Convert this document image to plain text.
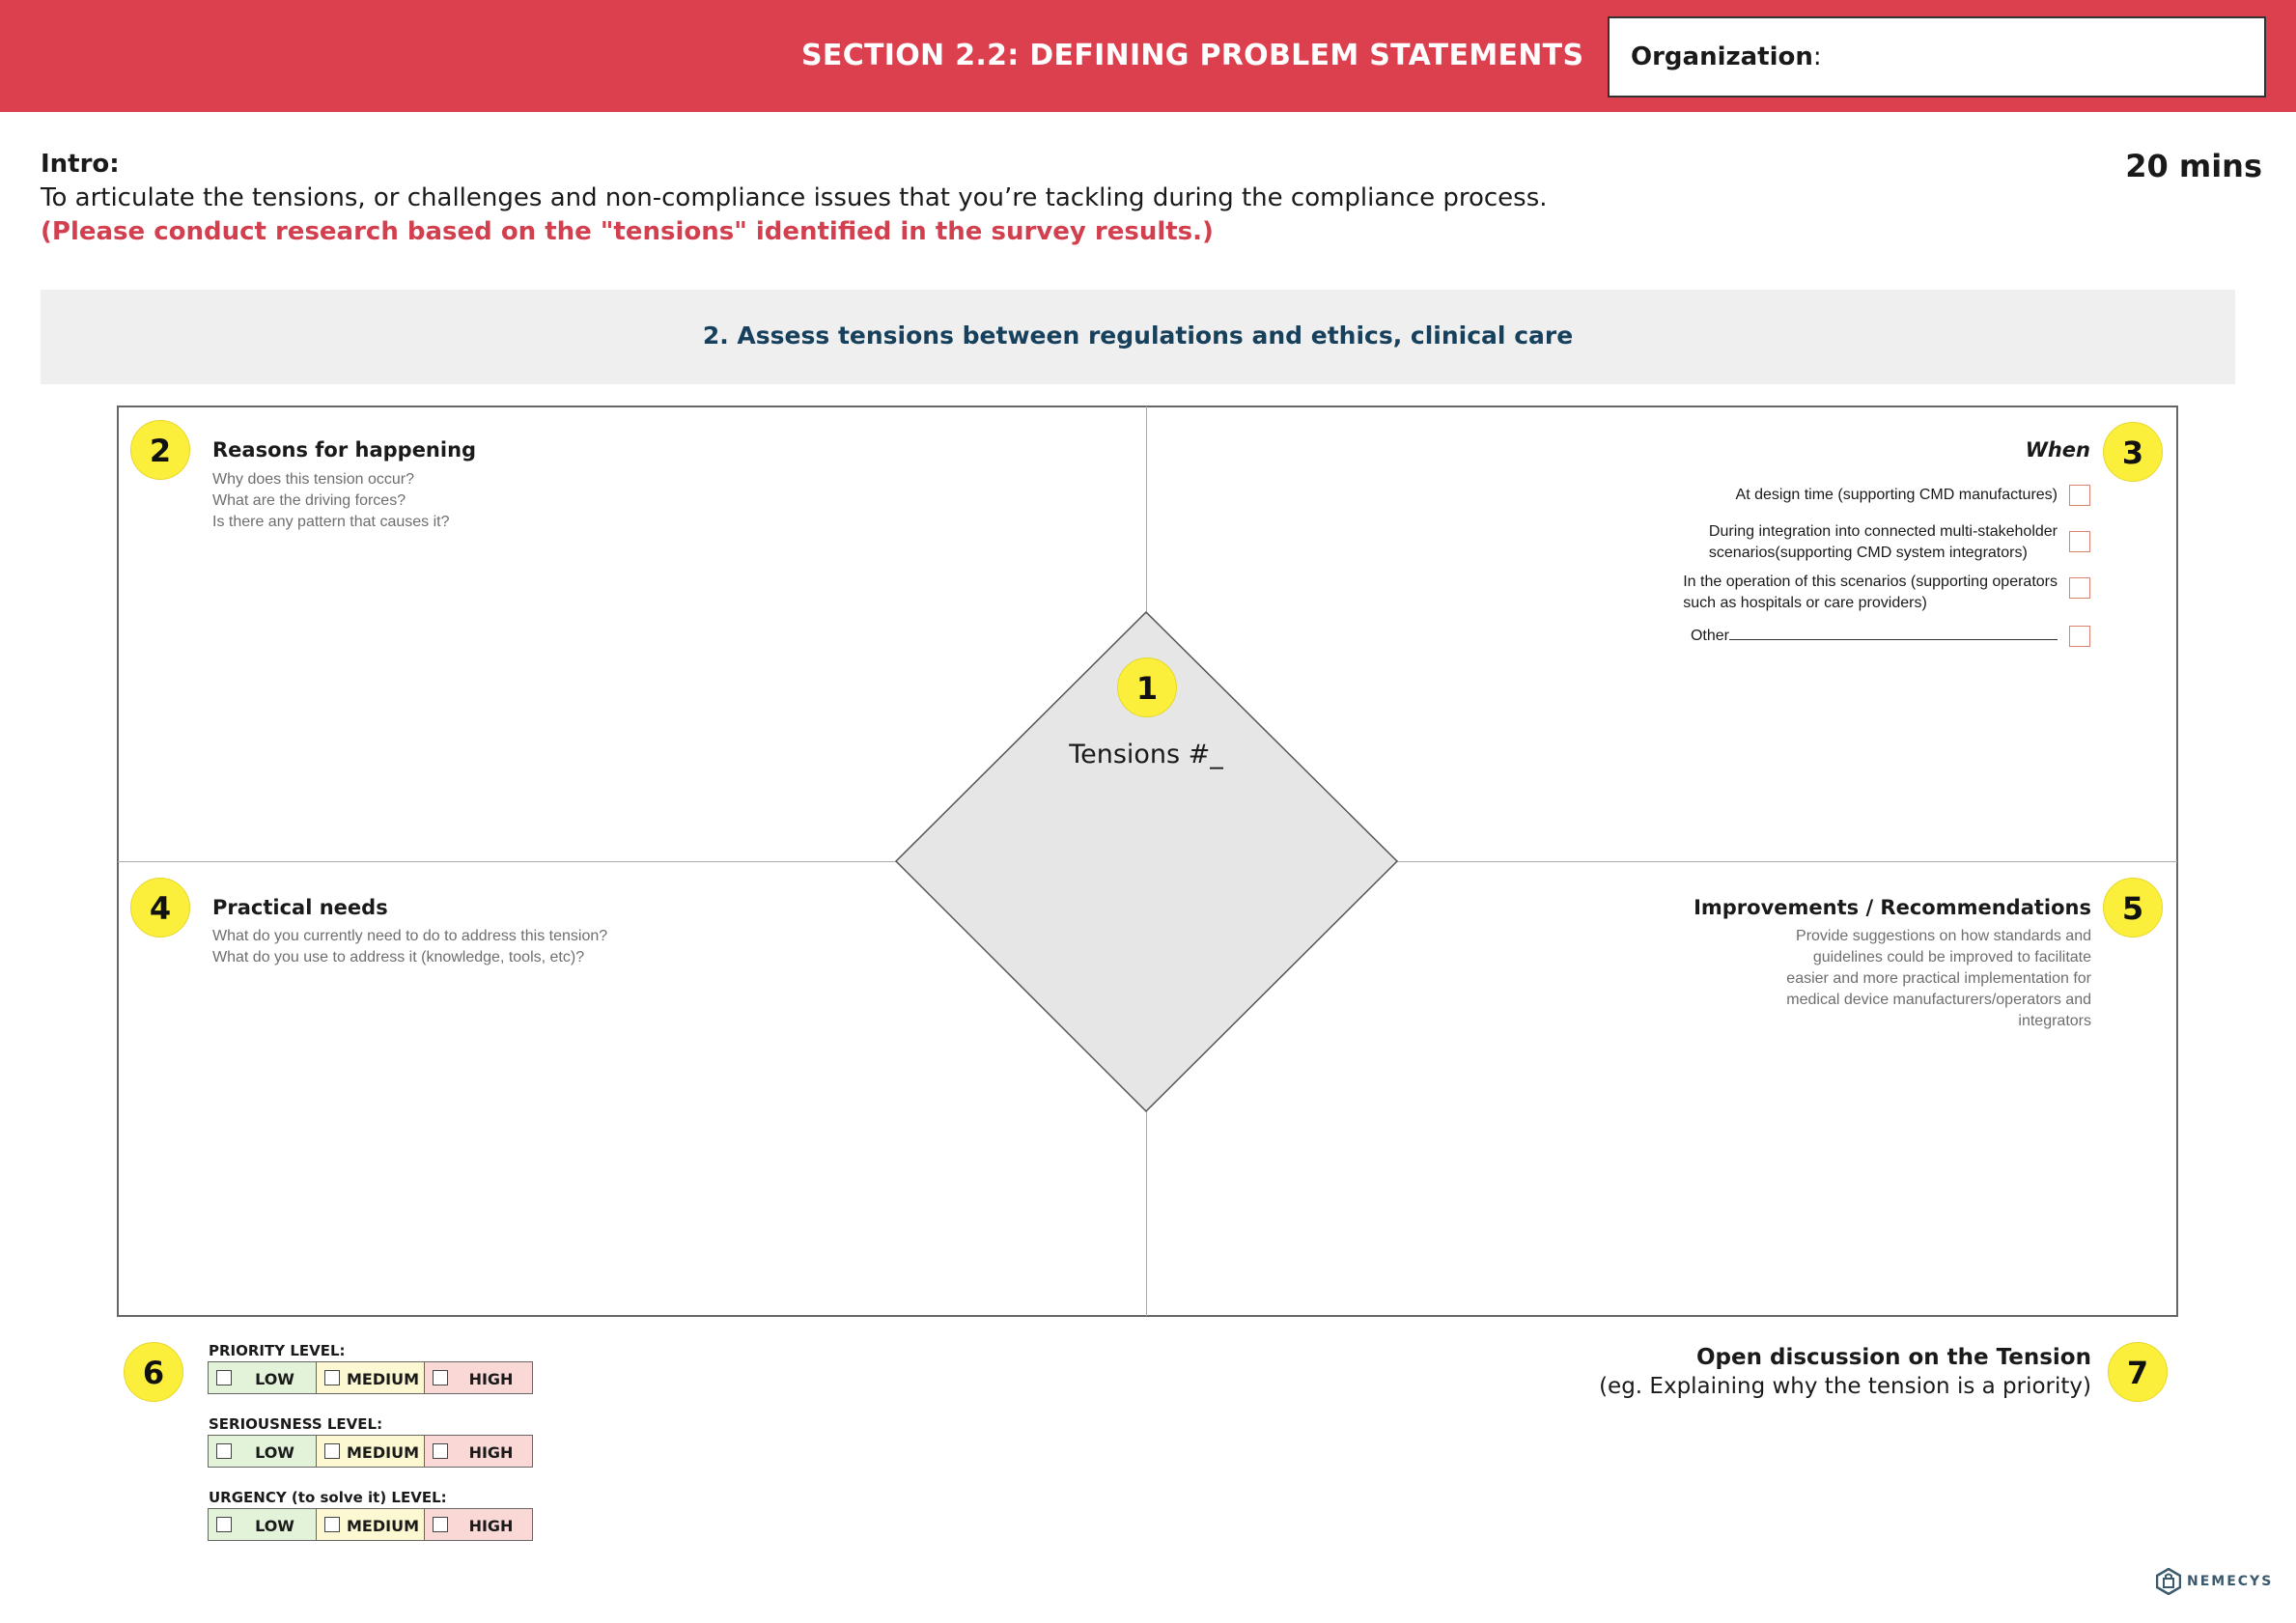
SECTION 2.2: DEFINING PROBLEM STATEMENTS Organization:
Intro:	20 mins
To articulate the tensions, or challenges and non-compliance issues that you’re tackling during the compliance process.
(Please conduct research based on the "tensions" identified in the survey results.)
2. Assess tensions between regulations and ethics, clinical care
1
Tensions #_
2	Reasons for happening
Why does this tension occur?
What are the driving forces?
Is there any pattern that causes it?
3
When
At design time (supporting CMD manufactures)
During integration into connected multi-stakeholder
scenarios(supporting CMD system integrators)
In the operation of this scenarios (supporting operators
such as hospitals or care providers)
Other
4	Practical needs
What do you currently need to do to address this tension?
What do you use to address it (knowledge, tools, etc)?
5
Improvements / Recommendations
Provide suggestions on how standards and
guidelines could be improved to facilitate
easier and more practical implementation for
medical device manufacturers/operators and
integrators
6
PRIORITY LEVEL:
LOW	MEDIUM	HIGH
SERIOUSNESS LEVEL:
LOW	MEDIUM	HIGH
URGENCY (to solve it) LEVEL:
LOW	MEDIUM	HIGH
7
Open discussion on the Tension
(eg. Explaining why the tension is a priority)
NEMECYS
